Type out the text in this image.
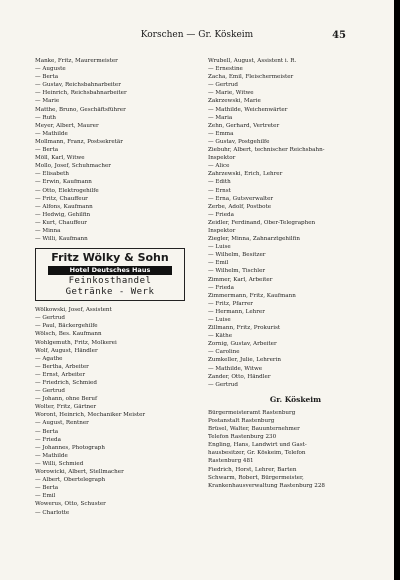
Korschen — Gr. Köskeim	45
Manke, Fritz, Maurermeister
— Auguste
— Berta
— Gustav, Reichsbahnarbeiter
— Heinrich, Reichsbahnarbeiter
— Marie
Matthe, Bruno, Geschäftsführer
— Ruth
Meyer, Albert, Maurer
— Mathilde
Mollmann, Franz, Postsekretär
— Berta
Möll, Karl, Witwe
Mollo, Josef, Schuhmacher
— Elisabeth
— Erwin, Kaufmann
— Otto, Elektrogehilfe
— Fritz, Chauffeur
— Alfons, Kaufmann
— Hedwig, Gehilfin
— Kurt, Chauffeur
— Minna
— Willi, Kaufmann
Fritz Wölky & Sohn
Hotel Deutsches Haus
Feinkosthandel
Getränke - Werk
Wölkowski, Josef, Assistent
— Gertrud
— Paul, Bäckergehilfe
Wölsch, Bes. Kaufmann
Wohlgemuth, Fritz, Molkerei
Wolf, August, Händler
— Agathe
— Bertha, Arbeiter
— Ernst, Arbeiter
— Friedrich, Schmied
— Gertrud
— Johann, ohne Beruf
Wolter, Fritz, Gärtner
Woront, Heinrich, Mechaniker Meister
— August, Rentner
— Berta
— Frieda
— Johannes, Photograph
— Mathilde
— Willi, Schmied
Worowicki, Albert, Stellmacher
— Albert, Obertelegraph
— Berta
— Emil
Wowerus, Otto, Schuster
— Charlotte
Wrubell, August, Assistent i. R.
— Ernestine
Zacha, Emil, Fleischermeister
— Gertrud
— Marie, Witwe
Zakrzewski, Marie
— Mathilde, Weichenwärter
— Maria
Zehn, Gerhard, Vertreter
— Emma
— Gustav, Postgehilfe
Ziebuhr, Albert, technischer Reichsbahn-
Inspektor
— Alice
Zahrzewski, Erich, Lehrer
— Edith
— Ernst
— Erna, Gutsverwalter
Zerbe, Adolf, Postbote
— Frieda
Zeidler, Ferdinand, Ober-Telegraphen
Inspektor
Ziegler, Minna, Zahnarztgehilfin
— Luise
— Wilhelm, Besitzer
— Emil
— Wilhelm, Tischler
Zimmer, Karl, Arbeiter
— Frieda
Zimmermann, Fritz, Kaufmann
— Fritz, Pfarrer
— Hermann, Lehrer
— Luise
Zillmann, Fritz, Prokurist
— Käthe
Zornig, Gustav, Arbeiter
— Caroline
Zumkeller, Julie, Lehrerin
— Mathilde, Witwe
Zander, Otto, Händler
— Gertrud
Gr. Köskeim
Bürgermeisteramt Rastenburg
Postanstalt Rastenburg
Brüsel, Walter, Bauunternehmer
Telefon Rastenburg 230
Engling, Hans, Landwirt und Gast-
hausbesitzer, Gr. Köskeim, Telefon
Rastenburg 481
Fiedrich, Horst, Lehrer, Barten
Schwarm, Robert, Bürgermeister,
Krankenhausverwaltung Rastenburg 228
